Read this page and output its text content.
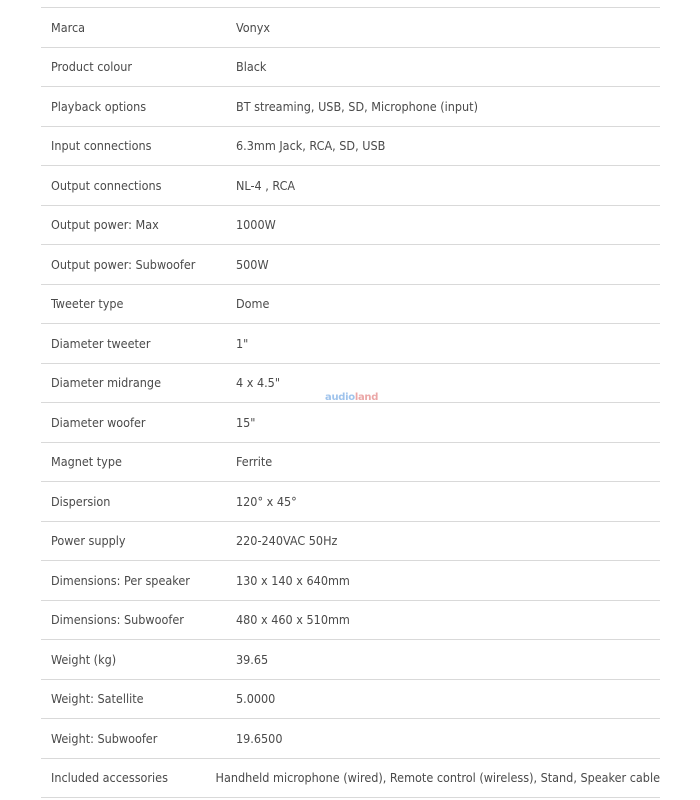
Marca	Vonyx
Product colour	Black
Playback options	BT streaming, USB, SD, Microphone (input)
Input connections	6.3mm Jack, RCA, SD, USB
Output connections	NL-4 , RCA
Output power: Max	1000W
Output power: Subwoofer	500W
Tweeter type	Dome
Diameter tweeter	1"
Diameter midrange	4 x 4.5"
Diameter woofer	15"
Magnet type	Ferrite
Dispersion	120° x 45°
Power supply	220-240VAC 50Hz
Dimensions: Per speaker	130 x 140 x 640mm
Dimensions: Subwoofer	480 x 460 x 510mm
Weight (kg)	39.65
Weight: Satellite	5.0000
Weight: Subwoofer	19.6500
Included accessories	Handheld microphone (wired), Remote control (wireless), Stand, Speaker cable
audioland
